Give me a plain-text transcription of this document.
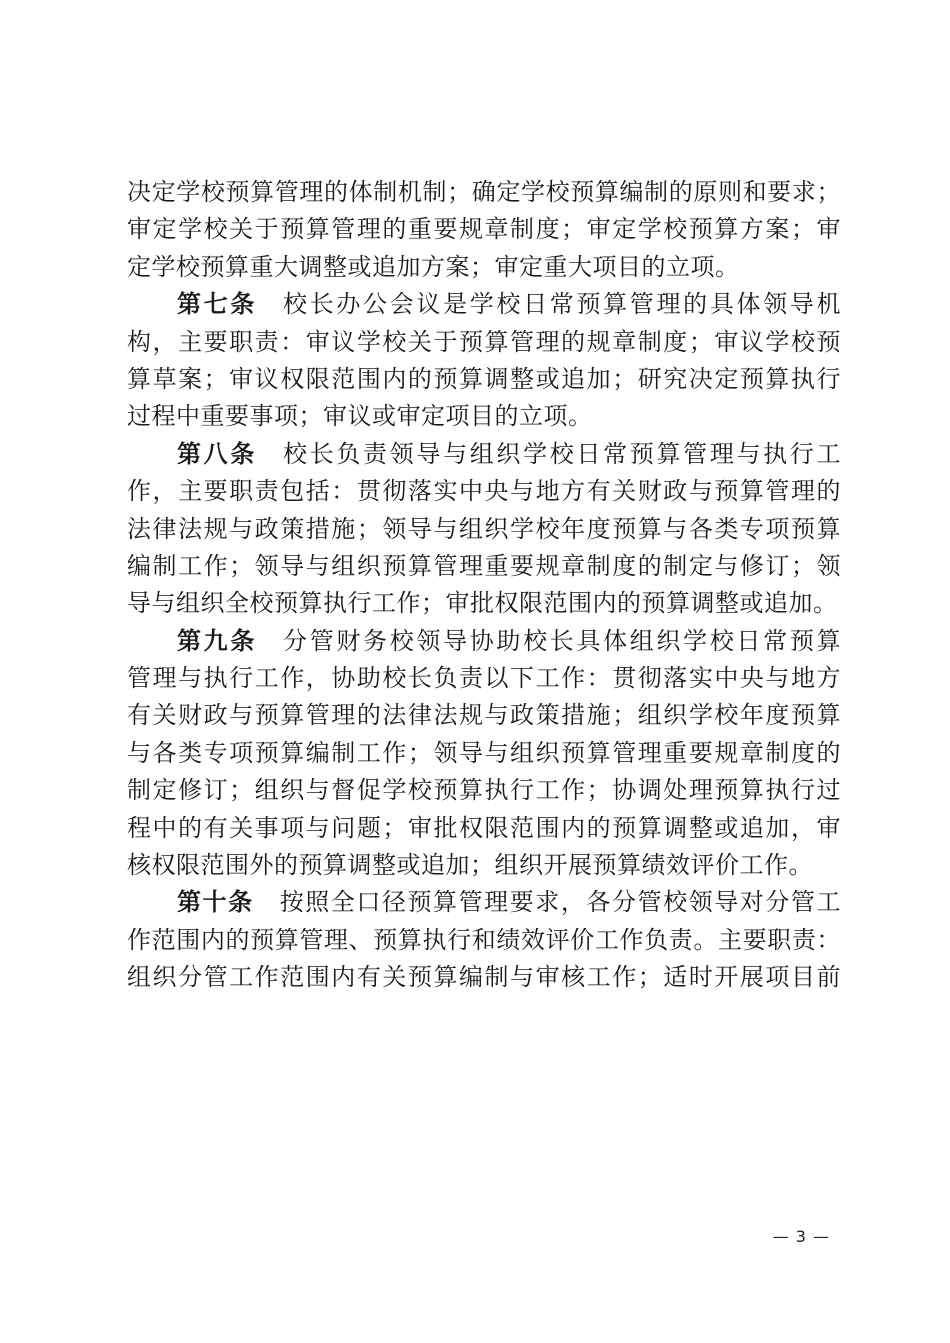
决定学校预算管理的体制机制；确定学校预算编制的原则和要求；
审定学校关于预算管理的重要规章制度；审定学校预算方案；审
定学校预算重大调整或追加方案；审定重大项目的立项。
第七条 校长办公会议是学校日常预算管理的具体领导机
构，主要职责：审议学校关于预算管理的规章制度；审议学校预
算草案；审议权限范围内的预算调整或追加；研究决定预算执行
过程中重要事项；审议或审定项目的立项。
第八条 校长负责领导与组织学校日常预算管理与执行工
作，主要职责包括：贯彻落实中央与地方有关财政与预算管理的
法律法规与政策措施；领导与组织学校年度预算与各类专项预算
编制工作；领导与组织预算管理重要规章制度的制定与修订；领
导与组织全校预算执行工作；审批权限范围内的预算调整或追加。
第九条 分管财务校领导协助校长具体组织学校日常预算
管理与执行工作，协助校长负责以下工作：贯彻落实中央与地方
有关财政与预算管理的法律法规与政策措施；组织学校年度预算
与各类专项预算编制工作；领导与组织预算管理重要规章制度的
制定修订；组织与督促学校预算执行工作；协调处理预算执行过
程中的有关事项与问题；审批权限范围内的预算调整或追加，审
核权限范围外的预算调整或追加；组织开展预算绩效评价工作。
第十条 按照全口径预算管理要求，各分管校领导对分管工
作范围内的预算管理、预算执行和绩效评价工作负责。主要职责：
组织分管工作范围内有关预算编制与审核工作；适时开展项目前
— 3 —
